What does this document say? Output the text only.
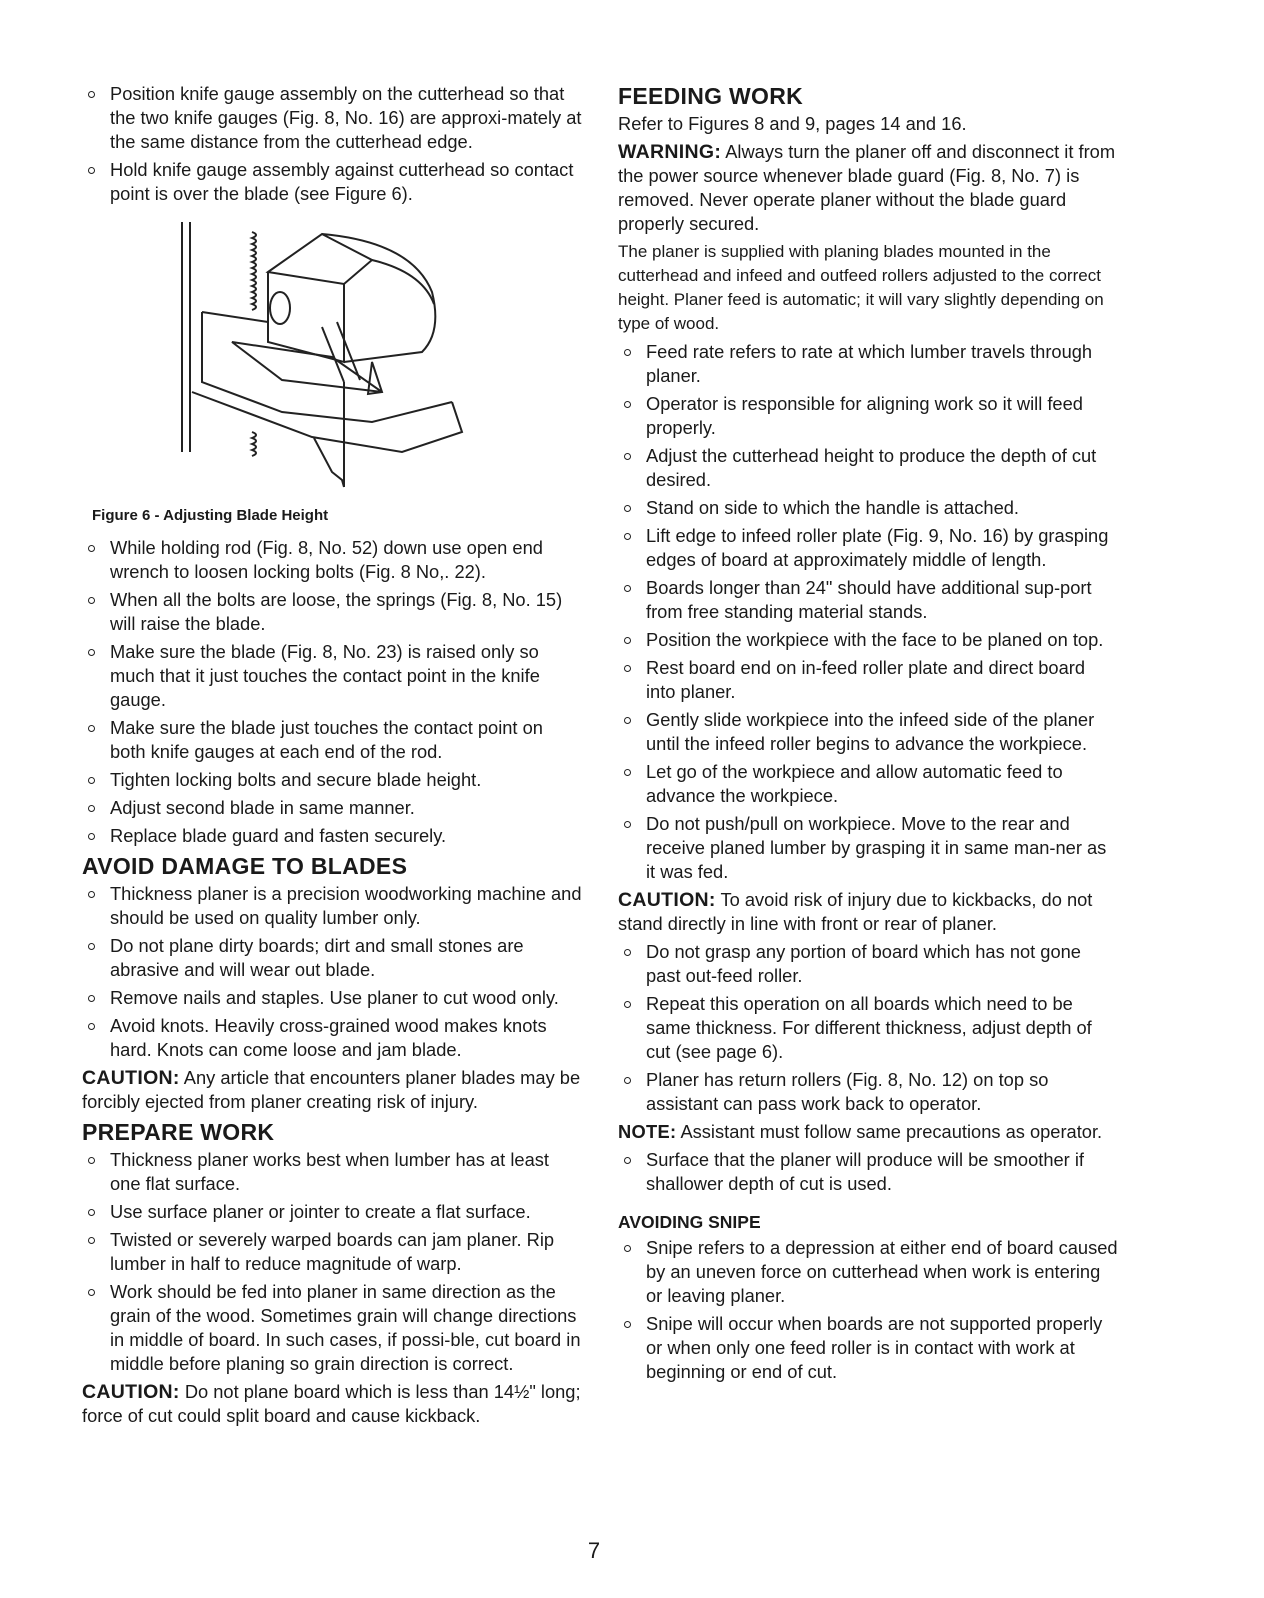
Position knife gauge assembly on the cutterhead so that the two knife gauges (Fig. 8, No. 16) are approxi-mately at the same distance from the cutterhead edge.
Hold knife gauge assembly against cutterhead so contact point is over the blade (see Figure 6).
Figure 6 - Adjusting Blade Height
While holding rod (Fig. 8, No. 52) down use open end wrench to loosen locking bolts (Fig. 8 No,. 22).
When all the bolts are loose, the springs (Fig. 8, No. 15) will raise the blade.
Make sure the blade (Fig. 8, No. 23) is raised only so much that it just touches the contact point in the knife gauge.
Make sure the blade just touches the contact point on both knife gauges at each end of the rod.
Tighten locking bolts and secure blade height.
Adjust second blade in same manner.
Replace blade guard and fasten securely.
AVOID DAMAGE TO BLADES
Thickness planer is a precision woodworking machine and should be used on quality lumber only.
Do not plane dirty boards; dirt and small stones are abrasive and will wear out blade.
Remove nails and staples. Use planer to cut wood only.
Avoid knots. Heavily cross-grained wood makes knots hard. Knots can come loose and jam blade.

CAUTION: Any article that encounters planer blades may be forcibly ejected from planer creating risk of injury.

PREPARE WORK
Thickness planer works best when lumber has at least one flat surface.
Use surface planer or jointer to create a flat surface.
Twisted or severely warped boards can jam planer. Rip lumber in half to reduce magnitude of warp.
Work should be fed into planer in same direction as the grain of the wood. Sometimes grain will change directions in middle of board. In such cases, if possi-ble, cut board in middle before planing so grain direction is correct.

CAUTION: Do not plane board which is less than 14½" long; force of cut could split board and cause kickback.

FEEDING WORK

Refer to Figures 8 and 9, pages 14 and 16.

WARNING: Always turn the planer off and disconnect it from the power source whenever blade guard (Fig. 8, No. 7) is removed. Never operate planer without the blade guard properly secured.

The planer is supplied with planing blades mounted in the cutterhead and infeed and outfeed rollers adjusted to the correct height. Planer feed is automatic; it will vary slightly depending on type of wood.

Feed rate refers to rate at which lumber travels through planer.
Operator is responsible for aligning work so it will feed properly.
Adjust the cutterhead height to produce the depth of cut desired.
Stand on side to which the handle is attached.
Lift edge to infeed roller plate (Fig. 9, No. 16) by grasping edges of board at approximately middle of length.
Boards longer than 24" should have additional sup-port from free standing material stands.
Position the workpiece with the face to be planed on top.
Rest board end on in-feed roller plate and direct board into planer.
Gently slide workpiece into the infeed side of the planer until the infeed roller begins to advance the workpiece.
Let go of the workpiece and allow automatic feed to advance the workpiece.
Do not push/pull on workpiece. Move to the rear and receive planed lumber by grasping it in same man-ner as it was fed.

CAUTION: To avoid risk of injury due to kickbacks, do not stand directly in line with front or rear of planer.

Do not grasp any portion of board which has not gone past out-feed roller.
Repeat this operation on all boards which need to be same thickness. For different thickness, adjust depth of cut (see page 6).
Planer has return rollers (Fig. 8, No. 12) on top so assistant can pass work back to operator.

NOTE: Assistant must follow same precautions as operator.

Surface that the planer will produce will be smoother if shallower depth of cut is used.
AVOIDING SNIPE
Snipe refers to a depression at either end of board caused by an uneven force on cutterhead when work is entering or leaving planer.
Snipe will occur when boards are not supported properly or when only one feed roller is in contact with work at beginning or end of cut.
7
